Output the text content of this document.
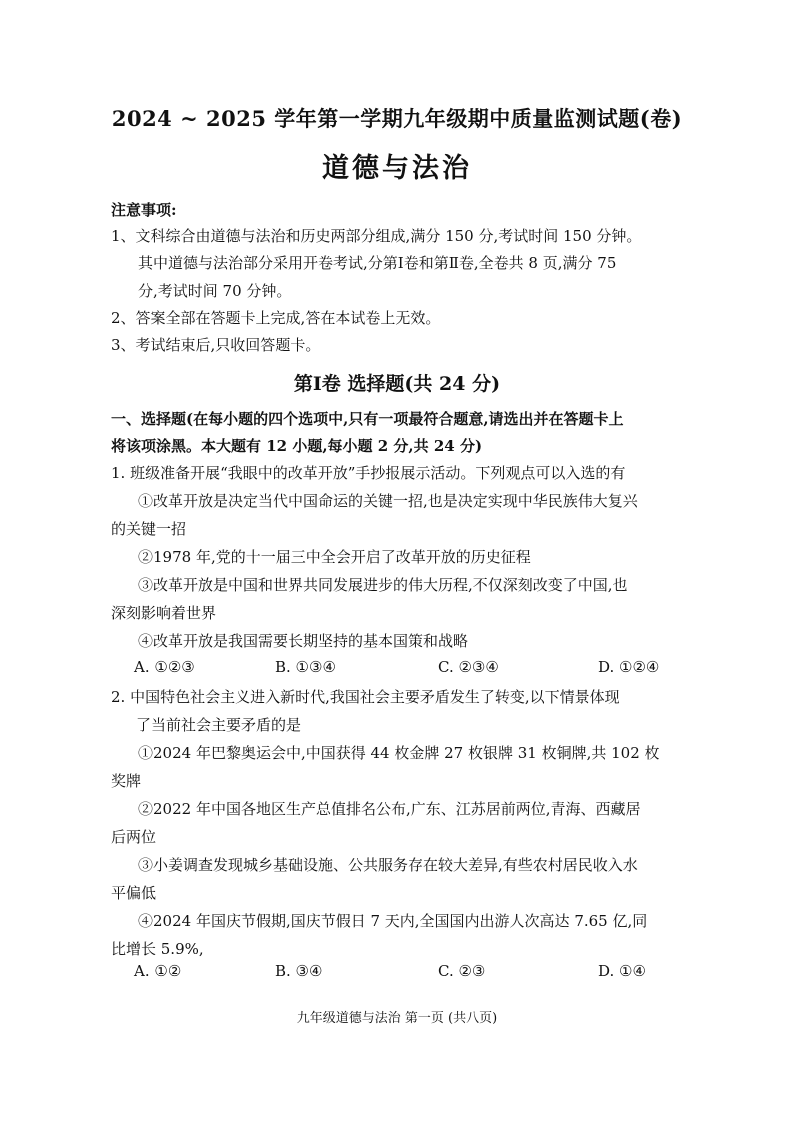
2024 ~ 2025 学年第一学期九年级期中质量监测试题(卷)
道德与法治
注意事项:
1、文科综合由道德与法治和历史两部分组成,满分 150 分,考试时间 150 分钟。
其中道德与法治部分采用开卷考试,分第Ⅰ卷和第Ⅱ卷,全卷共 8 页,满分 75
分,考试时间 70 分钟。
2、答案全部在答题卡上完成,答在本试卷上无效。
3、考试结束后,只收回答题卡。
第Ⅰ卷 选择题(共 24 分)
一、选择题(在每小题的四个选项中,只有一项最符合题意,请选出并在答题卡上
将该项涂黑。本大题有 12 小题,每小题 2 分,共 24 分)
1. 班级准备开展“我眼中的改革开放”手抄报展示活动。下列观点可以入选的有
①改革开放是决定当代中国命运的关键一招,也是决定实现中华民族伟大复兴
的关键一招
②1978 年,党的十一届三中全会开启了改革开放的历史征程
③改革开放是中国和世界共同发展进步的伟大历程,不仅深刻改变了中国,也
深刻影响着世界
④改革开放是我国需要长期坚持的基本国策和战略
A. ①②③	B. ①③④	C. ②③④	D. ①②④
2. 中国特色社会主义进入新时代,我国社会主要矛盾发生了转变,以下情景体现
了当前社会主要矛盾的是
①2024 年巴黎奥运会中,中国获得 44 枚金牌 27 枚银牌 31 枚铜牌,共 102 枚
奖牌
②2022 年中国各地区生产总值排名公布,广东、江苏居前两位,青海、西藏居
后两位
③小姜调查发现城乡基础设施、公共服务存在较大差异,有些农村居民收入水
平偏低
④2024 年国庆节假期,国庆节假日 7 天内,全国国内出游人次高达 7.65 亿,同
比增长 5.9%,
A. ①②	B. ③④	C. ②③	D. ①④
九年级道德与法治 第一页 (共八页)
